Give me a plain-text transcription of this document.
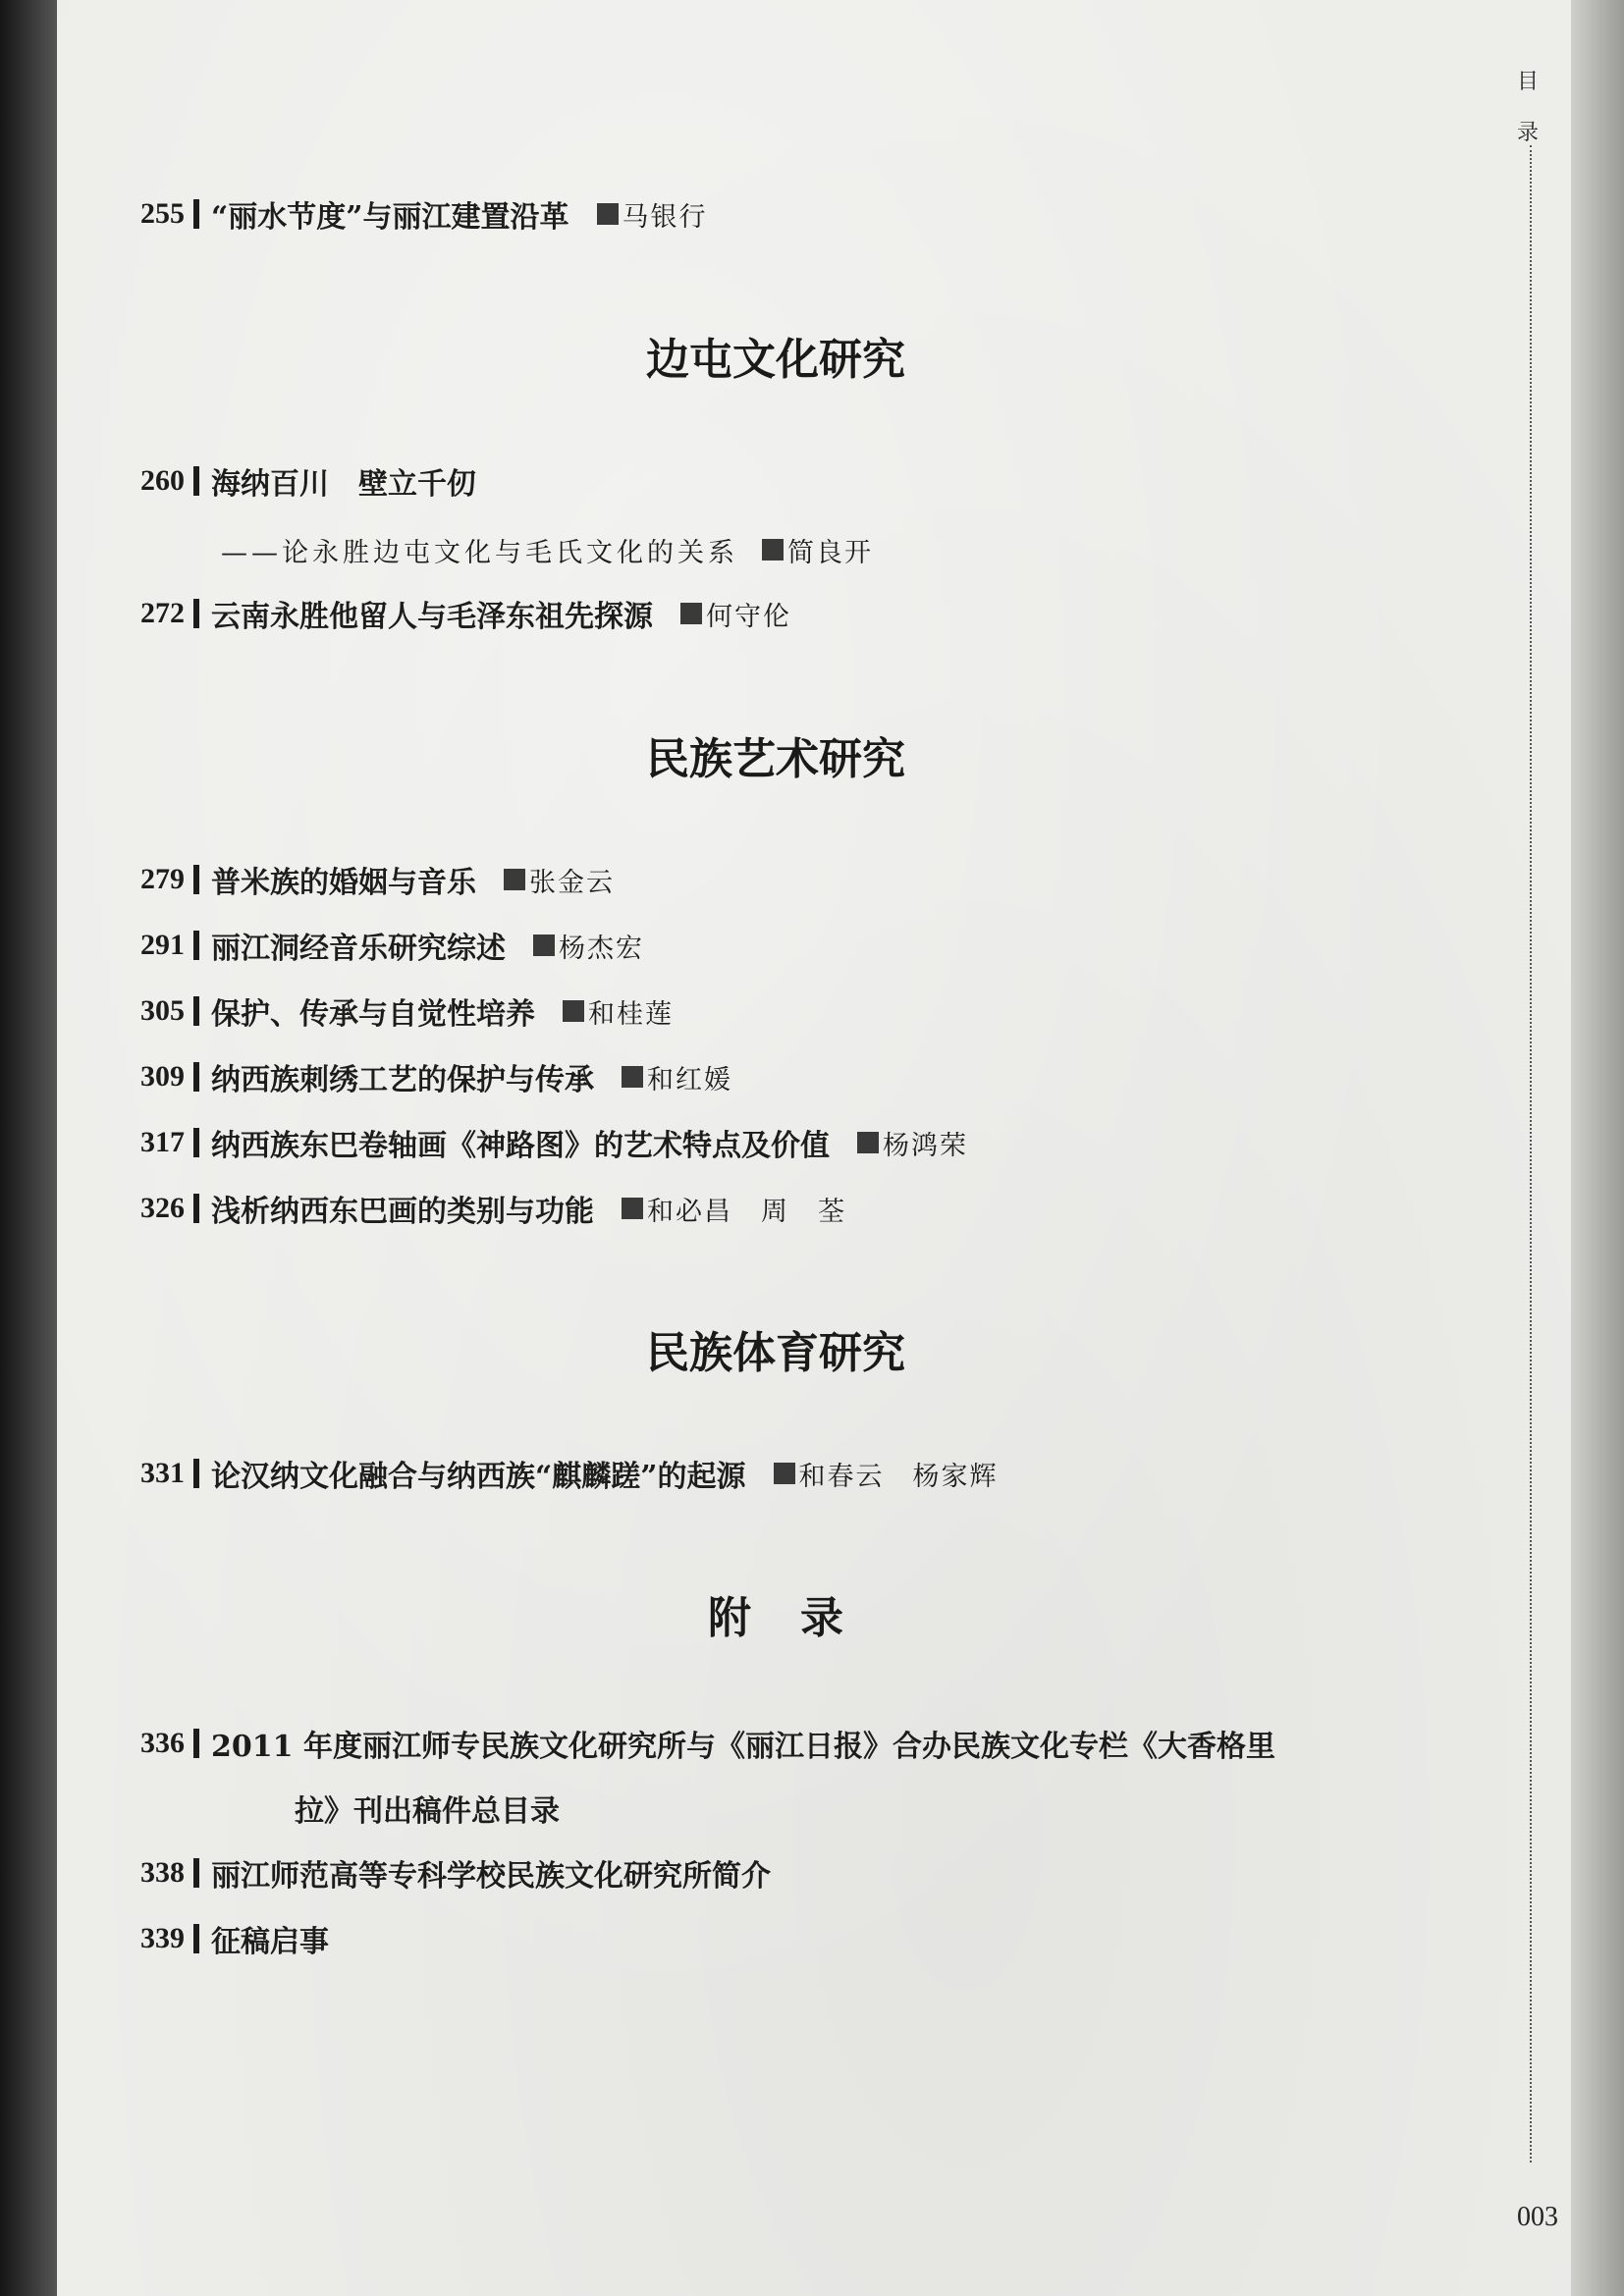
目
录
003
255 “丽水节度”与丽江建置沿革 马银行
边屯文化研究
260 海纳百川　壁立千仞
——论永胜边屯文化与毛氏文化的关系 简良开
272 云南永胜他留人与毛泽东祖先探源 何守伦
民族艺术研究
279 普米族的婚姻与音乐 张金云
291 丽江洞经音乐研究综述 杨杰宏
305 保护、传承与自觉性培养 和桂莲
309 纳西族刺绣工艺的保护与传承 和红媛
317 纳西族东巴卷轴画《神路图》的艺术特点及价值 杨鸿荣
326 浅析纳西东巴画的类别与功能 和必昌　周　荃
民族体育研究
331 论汉纳文化融合与纳西族“麒麟蹉”的起源 和春云　杨家辉
附录
336 2011 年度丽江师专民族文化研究所与《丽江日报》合办民族文化专栏《大香格里
拉》刊出稿件总目录
338 丽江师范高等专科学校民族文化研究所简介
339 征稿启事
